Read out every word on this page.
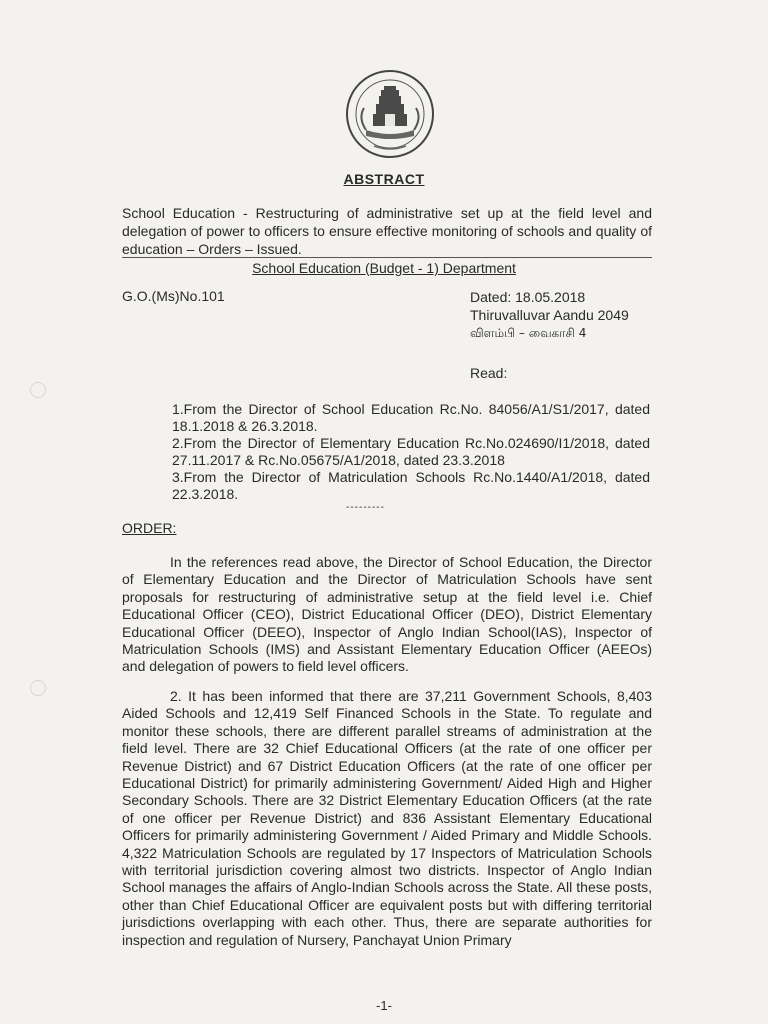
ABSTRACT
School Education - Restructuring of administrative set up at the field level and delegation of power to officers to ensure effective monitoring of schools and quality of education – Orders – Issued.
School Education (Budget - 1) Department
G.O.(Ms)No.101	Dated: 18.05.2018
Thiruvalluvar Aandu 2049
விளம்பி – வைகாசி 4
Read:
1.From the Director of School Education Rc.No. 84056/A1/S1/2017, dated 18.1.2018 & 26.3.2018.
2.From the Director of Elementary Education Rc.No.024690/I1/2018, dated 27.11.2017 & Rc.No.05675/A1/2018, dated 23.3.2018
3.From the Director of Matriculation Schools Rc.No.1440/A1/2018, dated 22.3.2018.
---------
ORDER:

In the references read above, the Director of School Education, the Director of Elementary Education and the Director of Matriculation Schools have sent proposals for restructuring of administrative setup at the field level i.e. Chief Educational Officer (CEO), District Educational Officer (DEO), District Elementary Educational Officer (DEEO), Inspector of Anglo Indian School(IAS), Inspector of Matriculation Schools (IMS) and Assistant Elementary Education Officer (AEEOs) and delegation of powers to field level officers.

2. It has been informed that there are 37,211 Government Schools, 8,403 Aided Schools and 12,419 Self Financed Schools in the State. To regulate and monitor these schools, there are different parallel streams of administration at the field level. There are 32 Chief Educational Officers (at the rate of one officer per Revenue District) and 67 District Education Officers (at the rate of one officer per Educational District) for primarily administering Government/ Aided High and Higher Secondary Schools. There are 32 District Elementary Education Officers (at the rate of one officer per Revenue District) and 836 Assistant Elementary Educational Officers for primarily administering Government / Aided Primary and Middle Schools. 4,322 Matriculation Schools are regulated by 17 Inspectors of Matriculation Schools with territorial jurisdiction covering almost two districts. Inspector of Anglo Indian School manages the affairs of Anglo-Indian Schools across the State. All these posts, other than Chief Educational Officer are equivalent posts but with differing territorial jurisdictions overlapping with each other. Thus, there are separate authorities for inspection and regulation of Nursery, Panchayat Union Primary

-1-
